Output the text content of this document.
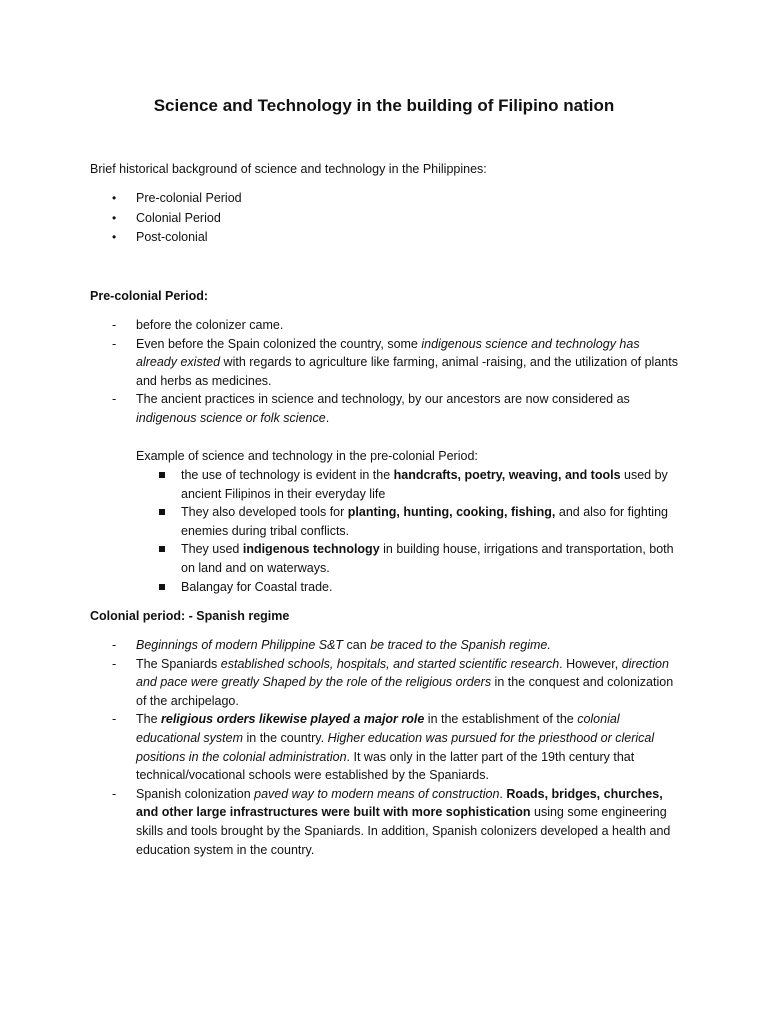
Science and Technology in the building of Filipino nation
Brief historical background of science and technology in the Philippines:
• Pre-colonial Period
• Colonial Period
• Post-colonial
Pre-colonial Period:
- before the colonizer came.
- Even before the Spain colonized the country, some indigenous science and technology has already existed with regards to agriculture like farming, animal -raising, and the utilization of plants and herbs as medicines.
- The ancient practices in science and technology, by our ancestors are now considered as indigenous science or folk science.
Example of science and technology in the pre-colonial Period:
the use of technology is evident in the handcrafts, poetry, weaving, and tools used by ancient Filipinos in their everyday life
They also developed tools for planting, hunting, cooking, fishing, and also for fighting enemies during tribal conflicts.
They used indigenous technology in building house, irrigations and transportation, both on land and on waterways.
Balangay for Coastal trade.
Colonial period: - Spanish regime
- Beginnings of modern Philippine S&T can be traced to the Spanish regime.
- The Spaniards established schools, hospitals, and started scientific research. However, direction and pace were greatly Shaped by the role of the religious orders in the conquest and colonization of the archipelago.
- The religious orders likewise played a major role in the establishment of the colonial educational system in the country. Higher education was pursued for the priesthood or clerical positions in the colonial administration. It was only in the latter part of the 19th century that technical/vocational schools were established by the Spaniards.
- Spanish colonization paved way to modern means of construction. Roads, bridges, churches, and other large infrastructures were built with more sophistication using some engineering skills and tools brought by the Spaniards. In addition, Spanish colonizers developed a health and education system in the country.
